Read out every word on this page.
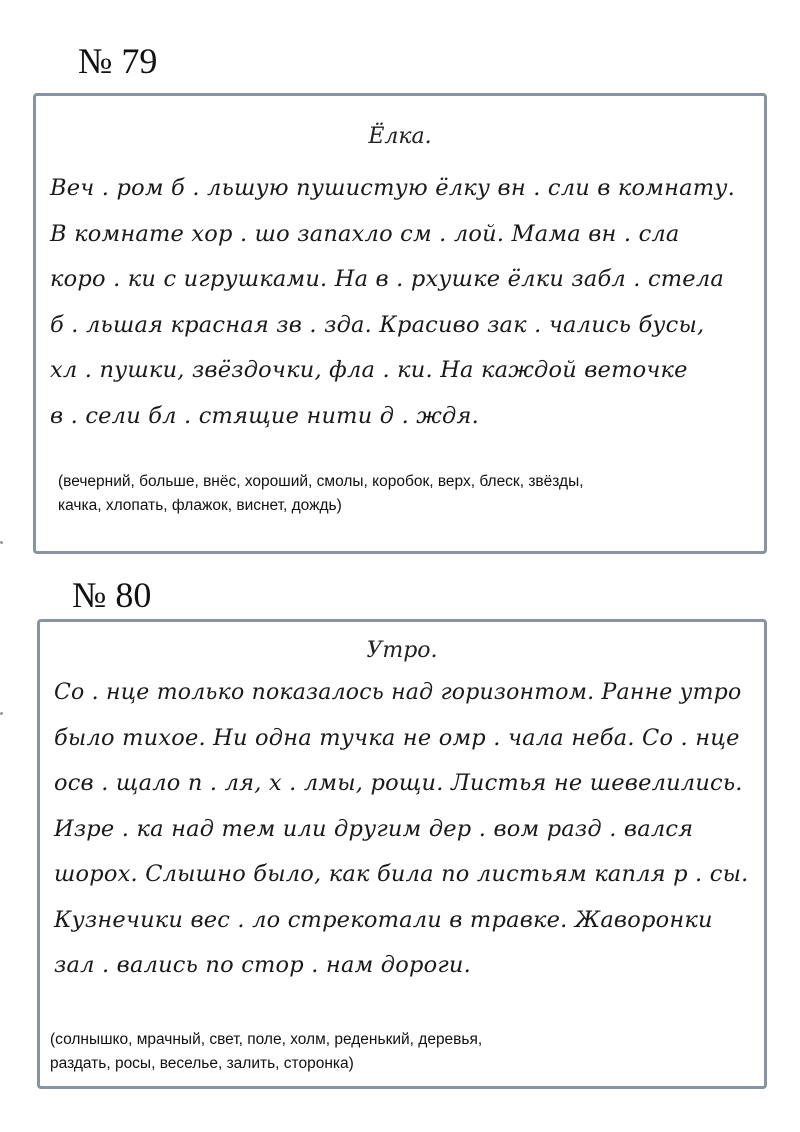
№ 79
Ёлка.
Веч . ром б . льшую пушистую ёлку вн . сли в комнату.
В комнате хор . шо запахло см . лой. Мама вн . сла
коро . ки с игрушками. На в . рхушке ёлки забл . стела
б . льшая красная зв . зда. Красиво зак . чались бусы,
хл . пушки, звёздочки, фла . ки. На каждой веточке
в . сели бл . стящие нити д . ждя.
(вечерний, больше, внёс, хороший, смолы, коробок, верх, блеск, звёзды,
качка, хлопать, флажок, виснет, дождь)
№ 80
Утро.
Со . нце только показалось над горизонтом. Ранне утро
было тихое. Ни одна тучка не омр . чала неба. Со . нце
осв . щало п . ля, х . лмы, рощи. Листья не шевелились.
Изре . ка над тем или другим дер . вом разд . вался
шорох. Слышно было, как била по листьям капля р . сы.
Кузнечики вес . ло стрекотали в травке. Жаворонки
зал . вались по стор . нам дороги.
(солнышко, мрачный, свет, поле, холм, реденький, деревья,
раздать, росы, веселье, залить, сторонка)
